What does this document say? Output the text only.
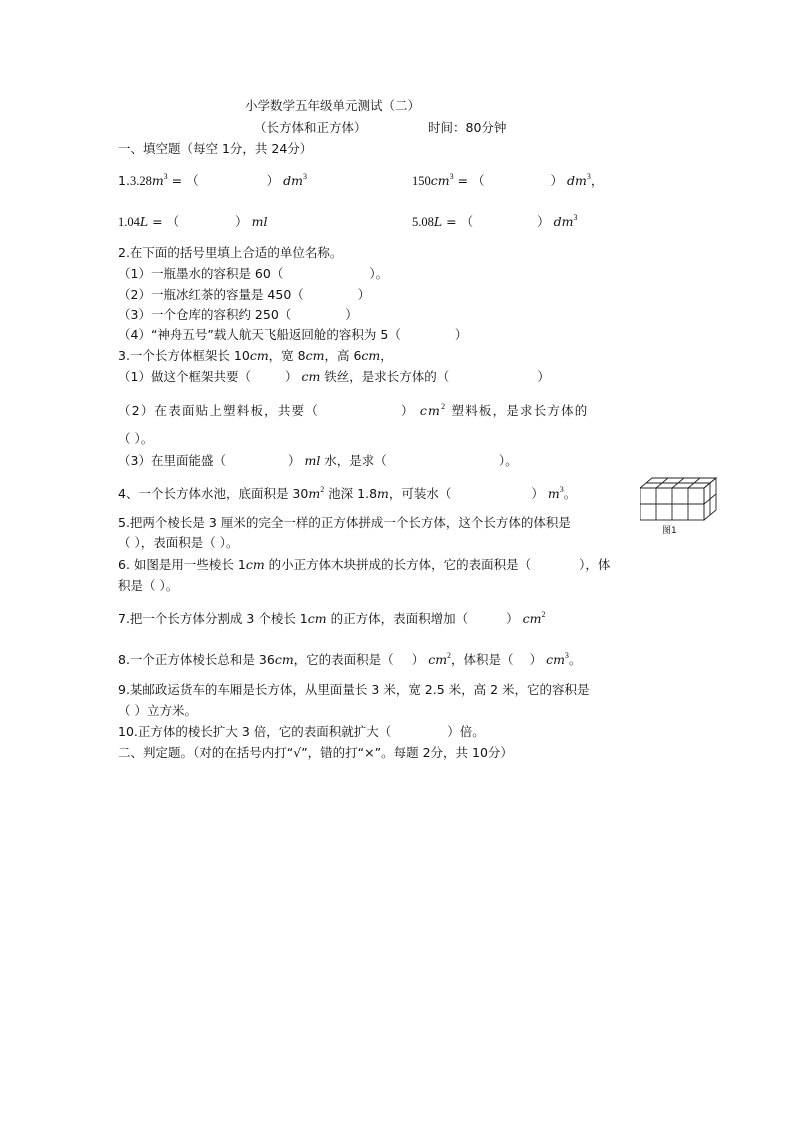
小学数学五年级单元测试（二）
（长方体和正方体）	时间：80分钟
一、填空题（每空 1分，共 24分）
$1.3.28m^3$ = （	） $dm^3$	$150cm^3$ = （	） $dm^3$，
1.04L = （	） ml	5.08L = （	） $dm^3$
2.在下面的括号里填上合适的单位名称。
（1）一瓶墨水的容积是 60（	）。
（2）一瓶冰红茶的容量是 450（	）
（3）一个仓库的容积约 250（	）
（4）“神舟五号”载人航天飞船返回舱的容积为 5（	）
3.一个长方体框架长 10cm，宽 8cm，高 6cm，
（1）做这个框架共要（	） cm 铁丝，是求长方体的（	）
（2）在表面贴上塑料板，共要（	） $cm^2$ 塑料板，是求长方体的
（ ）。
（3）在里面能盛（	） ml 水，是求（	）。
4、一个长方体水池，底面积是 $30m^2$ 池深 1.8m，可装水（	） $m^3$。
图1
5.把两个棱长是 3 厘米的完全一样的正方体拼成一个长方体，这个长方体的体积是
（ ），表面积是（ ）。
6. 如图是用一些棱长 1cm 的小正方体木块拼成的长方体，它的表面积是（	），体
积是（ ）。
7.把一个长方体分割成 3 个棱长 1cm 的正方体，表面积增加（	） $cm^2$
8.一个正方体棱长总和是 36cm，它的表面积是（ ） $cm^2$，体积是（ ） $cm^3$。
9.某邮政运货车的车厢是长方体，从里面量长 3 米，宽 2.5 米，高 2 米，它的容积是
（ ）立方米。
10.正方体的棱长扩大 3 倍，它的表面积就扩大（	）倍。
二、判定题。（对的在括号内打“√”，错的打“×”。每题 2分，共 10分）
